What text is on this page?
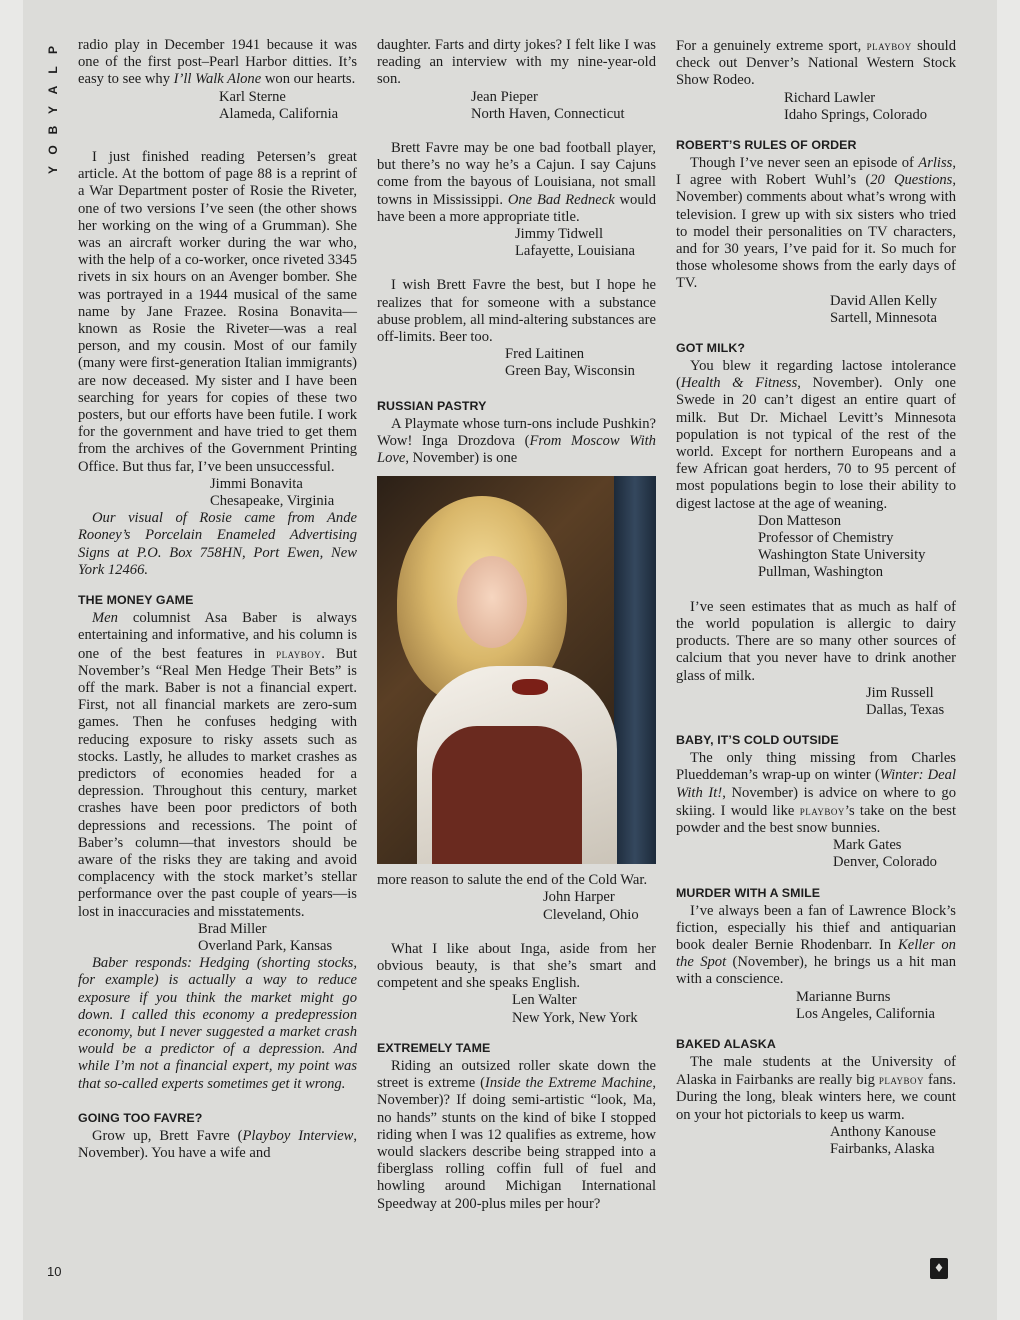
P
L
A
Y
B
O
Y

radio play in December 1941 because it was one of the first post–Pearl Harbor ditties. It’s easy to see why I’ll Walk Alone won our hearts.

Karl Sterne
Alameda, California

I just finished reading Petersen’s great article. At the bottom of page 88 is a reprint of a War Department poster of Rosie the Riveter, one of two versions I’ve seen (the other shows her working on the wing of a Grumman). She was an aircraft worker during the war who, with the help of a co-worker, once riveted 3345 rivets in six hours on an Avenger bomber. She was portrayed in a 1944 musical of the same name by Jane Frazee. Rosina Bonavita—known as Rosie the Riveter—was a real person, and my cousin. Most of our family (many were first-generation Italian immigrants) are now deceased. My sister and I have been searching for years for copies of these two posters, but our efforts have been futile. I work for the government and have tried to get them from the archives of the Government Printing Office. But thus far, I’ve been unsuccessful.

Jimmi Bonavita
Chesapeake, Virginia

Our visual of Rosie came from Ande Rooney’s Porcelain Enameled Advertising Signs at P.O. Box 758HN, Port Ewen, New York 12466.

THE MONEY GAME

Men columnist Asa Baber is always entertaining and informative, and his column is one of the best features in playboy. But November’s “Real Men Hedge Their Bets” is off the mark. Baber is not a financial expert. First, not all financial markets are zero-sum games. Then he confuses hedging with reducing exposure to risky assets such as stocks. Lastly, he alludes to market crashes as predictors of economies headed for a depression. Throughout this century, market crashes have been poor predictors of both depressions and recessions. The point of Baber’s column—that investors should be aware of the risks they are taking and avoid complacency with the stock market’s stellar performance over the past couple of years—is lost in inaccuracies and misstatements.

Brad Miller
Overland Park, Kansas

Baber responds: Hedging (shorting stocks, for example) is actually a way to reduce exposure if you think the market might go down. I called this economy a predepression economy, but I never suggested a market crash would be a predictor of a depression. And while I’m not a financial expert, my point was that so-called experts sometimes get it wrong.

GOING TOO FAVRE?

Grow up, Brett Favre (Playboy Interview, November). You have a wife and

daughter. Farts and dirty jokes? I felt like I was reading an interview with my nine-year-old son.

Jean Pieper
North Haven, Connecticut

Brett Favre may be one bad football player, but there’s no way he’s a Cajun. I say Cajuns come from the bayous of Louisiana, not small towns in Mississippi. One Bad Redneck would have been a more appropriate title.

Jimmy Tidwell
Lafayette, Louisiana

I wish Brett Favre the best, but I hope he realizes that for someone with a substance abuse problem, all mind-altering substances are off-limits. Beer too.

Fred Laitinen
Green Bay, Wisconsin
RUSSIAN PASTRY

A Playmate whose turn-ons include Pushkin? Wow! Inga Drozdova (From Moscow With Love, November) is one

more reason to salute the end of the Cold War.

John Harper
Cleveland, Ohio

What I like about Inga, aside from her obvious beauty, is that she’s smart and competent and she speaks English.

Len Walter
New York, New York
EXTREMELY TAME

Riding an outsized roller skate down the street is extreme (Inside the Extreme Machine, November)? If doing semi-artistic “look, Ma, no hands” stunts on the kind of bike I stopped riding when I was 12 qualifies as extreme, how would slackers describe being strapped into a fiberglass rolling coffin full of fuel and howling around Michigan International Speedway at 200-plus miles per hour?

For a genuinely extreme sport, playboy should check out Denver’s National Western Stock Show Rodeo.

Richard Lawler
Idaho Springs, Colorado
ROBERT’S RULES OF ORDER

Though I’ve never seen an episode of Arliss, I agree with Robert Wuhl’s (20 Questions, November) comments about what’s wrong with television. I grew up with six sisters who tried to model their personalities on TV characters, and for 30 years, I’ve paid for it. So much for those wholesome shows from the early days of TV.

David Allen Kelly
Sartell, Minnesota
GOT MILK?

You blew it regarding lactose intolerance (Health & Fitness, November). Only one Swede in 20 can’t digest an entire quart of milk. But Dr. Michael Levitt’s Minnesota population is not typical of the rest of the world. Except for northern Europeans and a few African goat herders, 70 to 95 percent of most populations begin to lose their ability to digest lactose at the age of weaning.

Don Matteson
Professor of Chemistry
Washington State University
Pullman, Washington

I’ve seen estimates that as much as half of the world population is allergic to dairy products. There are so many other sources of calcium that you never have to drink another glass of milk.

Jim Russell
Dallas, Texas
BABY, IT’S COLD OUTSIDE

The only thing missing from Charles Plueddeman’s wrap-up on winter (Winter: Deal With It!, November) is advice on where to go skiing. I would like playboy’s take on the best powder and the best snow bunnies.

Mark Gates
Denver, Colorado
MURDER WITH A SMILE

I’ve always been a fan of Lawrence Block’s fiction, especially his thief and antiquarian book dealer Bernie Rhodenbarr. In Keller on the Spot (November), he brings us a hit man with a conscience.

Marianne Burns
Los Angeles, California
BAKED ALASKA

The male students at the University of Alaska in Fairbanks are really big playboy fans. During the long, bleak winters here, we count on your hot pictorials to keep us warm.

Anthony Kanouse
Fairbanks, Alaska
10	♦
